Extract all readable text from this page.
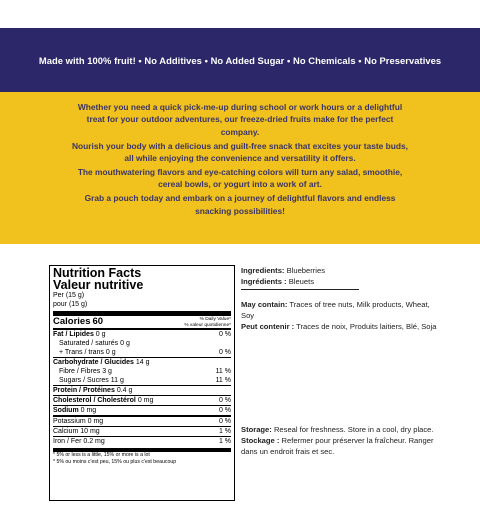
Made with 100% fruit! • No Additives • No Added Sugar • No Chemicals • No Preservatives

Whether you need a quick pick-me-up during school or work hours or a delightful treat for your outdoor adventures, our freeze-dried fruits make for the perfect company.

Nourish your body with a delicious and guilt-free snack that excites your taste buds, all while enjoying the convenience and versatility it offers.

The mouthwatering flavors and eye-catching colors will turn any salad, smoothie, cereal bowls, or yogurt into a work of art.

Grab a pouch today and embark on a journey of delightful flavors and endless snacking possibilities!

Nutrition Facts
Valeur nutritive
Per (15 g)
pour (15 g)
Calories 60	% Daily Value*
% valeur quotidienne*
Fat / Lipides 0 g	0 %
Saturated / saturés 0 g
+ Trans / trans 0 g	0 %
Carbohydrate / Glucides 14 g
Fibre / Fibres 3 g	11 %
Sugars / Sucres 11 g	11 %
Protein / Protéines 0.4 g
Cholesterol / Cholestérol 0 mg	0 %
Sodium 0 mg	0 %
Potassium 0 mg	0 %
Calcium 10 mg	1 %
Iron / Fer 0.2 mg	1 %
* 5% or less is a little, 15% or more is a lot
* 5% ou moins c'est peu, 15% ou plus c'est beaucoup
Ingredients: Blueberries
Ingrédients : Bleuets
May contain: Traces of tree nuts, Milk products, Wheat, Soy
Peut contenir : Traces de noix, Produits laitiers, Blé, Soja
Storage: Reseal for freshness. Store in a cool, dry place.
Stockage : Refermer pour préserver la fraîcheur. Ranger dans un endroit frais et sec.
